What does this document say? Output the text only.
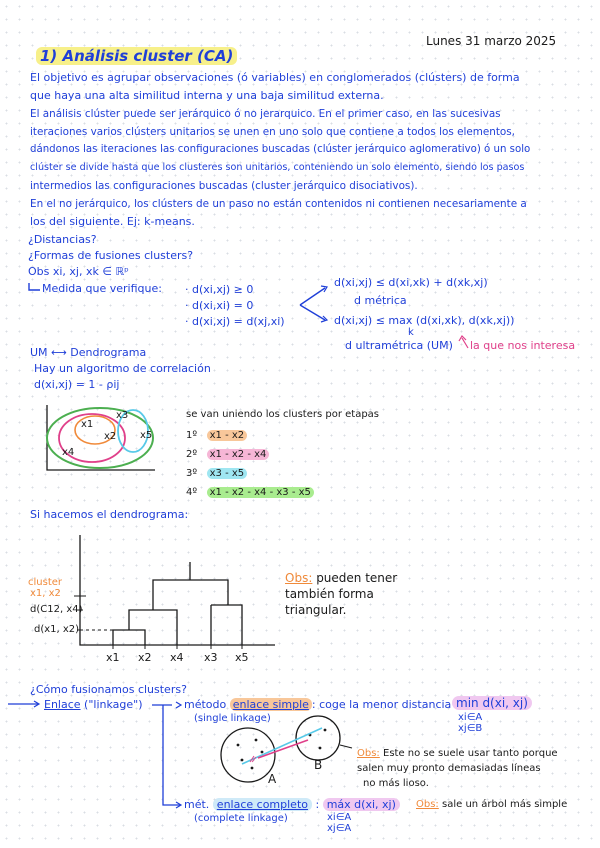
Lunes 31 marzo 2025
1) Análisis cluster (CA)
El objetivo es agrupar observaciones (ó variables) en conglomerados (clústers) de forma
que haya una alta similitud interna y una baja similitud externa.
El análisis clúster puede ser jerárquico ó no jerarquico. En el primer caso, en las sucesivas
iteraciones varios clústers unitarios se unen en uno solo que contiene a todos los elementos,
dándonos las iteraciones las configuraciones buscadas (clúster jerárquico aglomerativo) ó un solo
clúster se divide hasta que los clusteres son unitarios, conteniendo un solo elemento, siendo los pasos
intermedios las configuraciones buscadas (cluster jerárquico disociativos).
En el no jerárquico, los clústers de un paso no están contenidos ni contienen necesariamente a
los del siguiente. Ej: k-means.
¿Distancias?
¿Formas de fusiones clusters?
Obs xi, xj, xk ∈ ℝᵖ
Medida que verifique: · d(xi,xj) ≥ 0
· d(xi,xi) = 0
· d(xi,xj) = d(xj,xi)
d(xi,xj) ≤ d(xi,xk) + d(xk,xj)
d métrica
d(xi,xj) ≤ max (d(xi,xk), d(xk,xj))
k
d ultramétrica (UM) la que nos interesa
UM ⟷ Dendrograma
Hay un algoritmo de correlación
d(xi,xj) = 1 - ρij
x1
x2
x3
x4
x5
se van uniendo los clusters por etapas
1º x1 - x2
2º x1 - x2 - x4
3º x3 - x5
4º x1 - x2 - x4 - x3 - x5
Si hacemos el dendrograma:
cluster
x1, x2
d(C12, x4)
d(x1, x2)
x1 x2 x4 x3 x5
Obs: pueden tener
también forma
triangular.
¿Cómo fusionamos clusters?
Enlace ("linkage")	método enlace simple : coge la menor distancia
(single linkage)
min d(xi, xj)
xi∈A
xj∈B
A
B
Obs: Este no se suele usar tanto porque
salen muy pronto demasiadas líneas
no más lioso.
mét. enlace completo : máx d(xi, xj)
(complete linkage)	xi∈A
xj∈A
Obs: sale un árbol más simple
